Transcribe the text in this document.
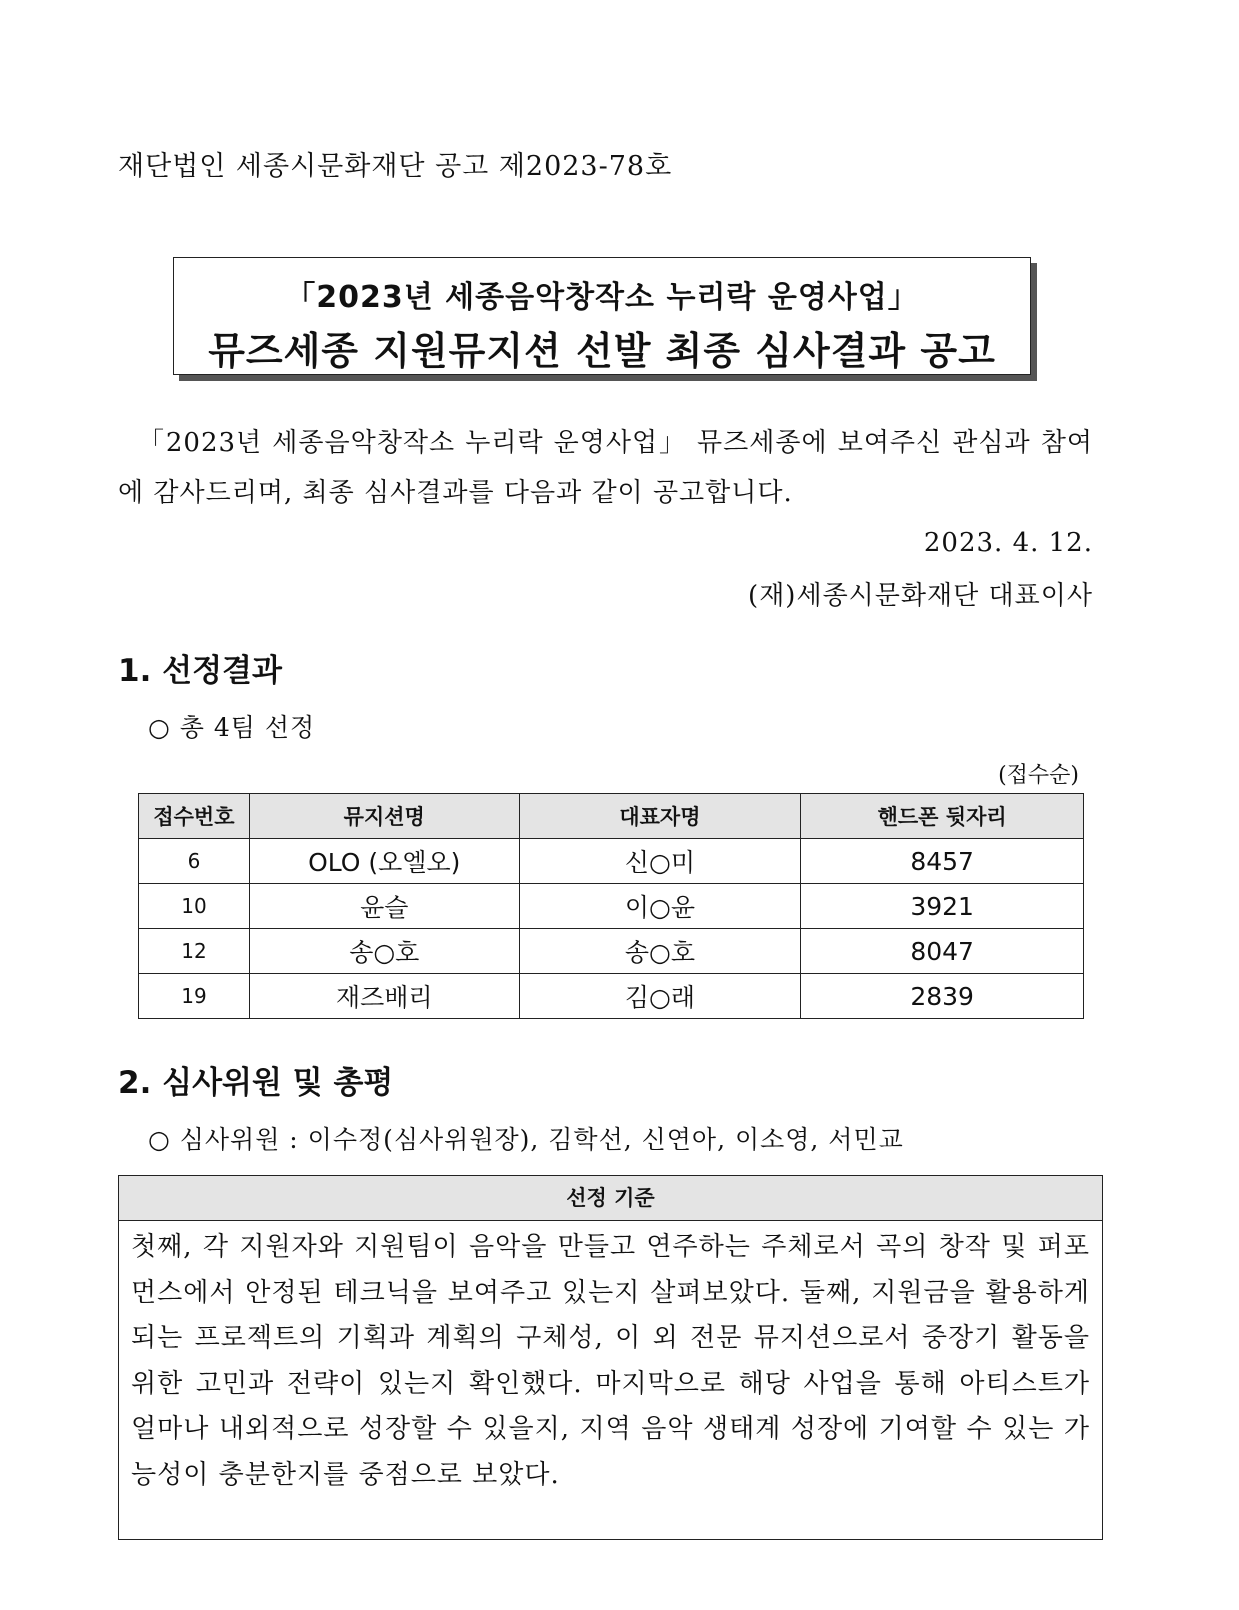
재단법인 세종시문화재단 공고 제2023-78호
「2023년 세종음악창작소 누리락 운영사업」
뮤즈세종 지원뮤지션 선발 최종 심사결과 공고
「2023년 세종음악창작소 누리락 운영사업」 뮤즈세종에 보여주신 관심과 참여에 감사드리며, 최종 심사결과를 다음과 같이 공고합니다.
2023. 4. 12.
(재)세종시문화재단 대표이사
1. 선정결과
○ 총 4팀 선정
(접수순)
접수번호	뮤지션명	대표자명	핸드폰 뒷자리
6	OLO (오엘오)	신○미	8457
10	윤슬	이○윤	3921
12	송○호	송○호	8047
19	재즈배리	김○래	2839
2. 심사위원 및 총평
○ 심사위원 : 이수정(심사위원장), 김학선, 신연아, 이소영, 서민교
선정 기준
첫째, 각 지원자와 지원팀이 음악을 만들고 연주하는 주체로서 곡의 창작 및 퍼포먼스에서 안정된 테크닉을 보여주고 있는지 살펴보았다. 둘째, 지원금을 활용하게 되는 프로젝트의 기획과 계획의 구체성, 이 외 전문 뮤지션으로서 중장기 활동을 위한 고민과 전략이 있는지 확인했다. 마지막으로 해당 사업을 통해 아티스트가 얼마나 내외적으로 성장할 수 있을지, 지역 음악 생태계 성장에 기여할 수 있는 가능성이 충분한지를 중점으로 보았다.
